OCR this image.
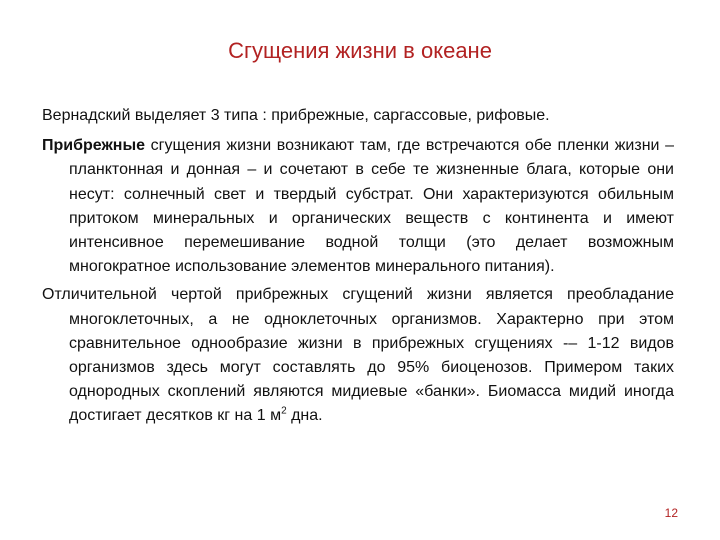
Сгущения жизни в океане

Вернадский выделяет 3 типа : прибрежные, саргассовые, рифовые.

Прибрежные сгущения жизни возникают там, где встречаются обе пленки жизни – планктонная и донная – и сочетают в себе те жизненные блага, которые они несут: солнечный свет и твердый субстрат. Они характеризуются обильным притоком минеральных и органических веществ с континента и имеют интенсивное перемешивание водной толщи (это делает возможным многократное использование элементов минерального питания).

Отличительной чертой прибрежных сгущений жизни является преобладание многоклеточных, а не одноклеточных организмов. Характерно при этом сравнительное однообразие жизни в прибрежных сгущениях -– 1-12 видов организмов здесь могут составлять до 95% биоценозов. Примером таких однородных скоплений являются мидиевые «банки». Биомасса мидий иногда достигает десятков кг на 1 $м^2$ дна.

12
